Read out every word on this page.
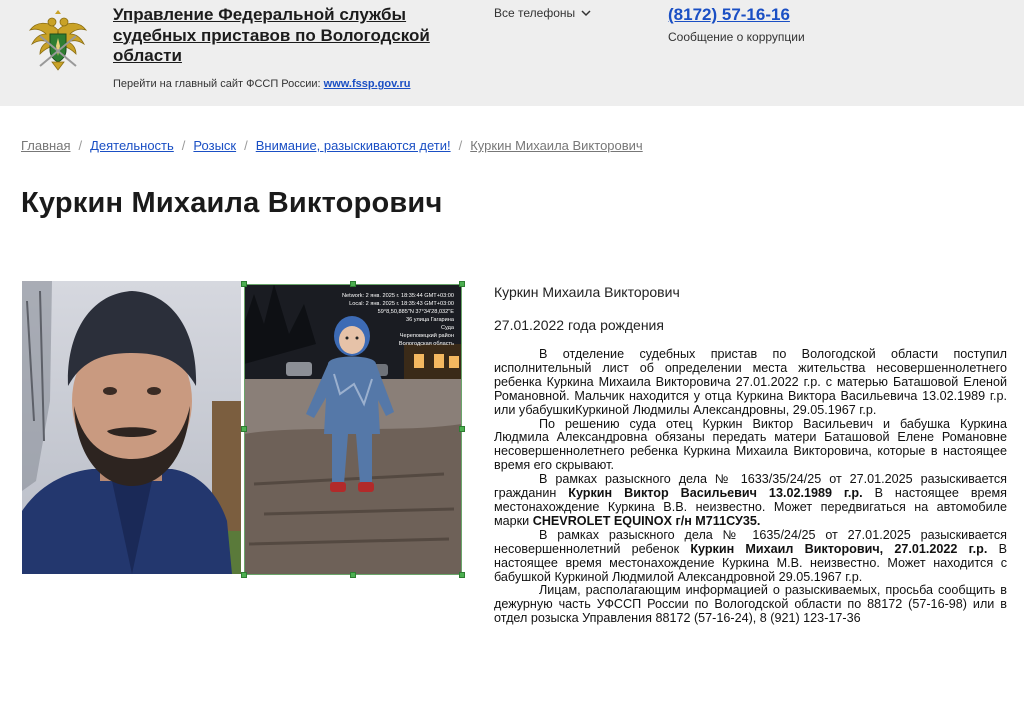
Управление Федеральной службы судебных приставов по Вологодской области
Перейти на главный сайт ФССП России: www.fssp.gov.ru
Все телефоны	(8172) 57-16-16
Сообщение о коррупции
Главная / Деятельность / Розыск / Внимание, разыскиваются дети! / Куркин Михаила Викторович
Куркин Михаила Викторович
Network: 2 янв. 2025 г. 18:35:44 GMT+03:00
Local: 2 янв. 2025 г. 18:35:43 GMT+03:00
59°8,50,885"N 37°34'28,032"E
36 улица Гагарина
Суда
Череповецкий район
Вологодская область
Куркин Михаила Викторович
27.01.2022 года рождения

В отделение судебных пристав по Вологодской области поступил исполнительный лист об определении места жительства несовершеннолетнего ребенка Куркина Михаила Викторовича 27.01.2022 г.р. с матерью Баташовой Еленой Романовной. Мальчик находится у отца Куркина Виктора Васильевича 13.02.1989 г.р. или убабушкиКуркиной Людмилы Александровны, 29.05.1967 г.р.

По решению суда отец Куркин Виктор Васильевич и бабушка Куркина Людмила Александровна обязаны передать матери Баташовой Елене Романовне несовершеннолетнего ребенка Куркина Михаила Викторовича, которые в настоящее время его скрывают.

В рамках разыскного дела № 1633/35/24/25 от 27.01.2025 разыскивается гражданин Куркин Виктор Васильевич 13.02.1989 г.р. В настоящее время местонахождение Куркина В.В. неизвестно. Может передвигаться на автомобиле марки CHEVROLET EQUINOX г/н М711СУ35.

В рамках разыскного дела № 1635/24/25 от 27.01.2025 разыскивается несовершеннолетний ребенок Куркин Михаил Викторович, 27.01.2022 г.р. В настоящее время местонахождение Куркина М.В. неизвестно. Может находится с бабушкой Куркиной Людмилой Александровной 29.05.1967 г.р.

Лицам, располагающим информацией о разыскиваемых, просьба сообщить в дежурную часть УФССП России по Вологодской области по 88172 (57-16-98) или в отдел розыска Управления 88172 (57-16-24), 8 (921) 123-17-36
